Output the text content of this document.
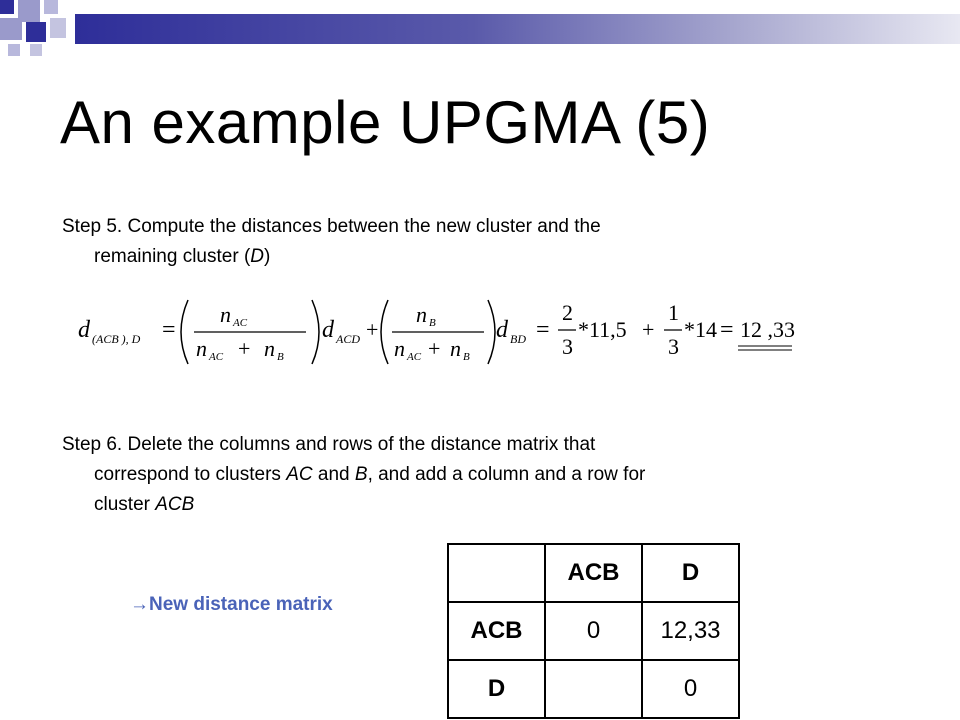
An example UPGMA (5)
Step 5. Compute the distances between the new cluster and the
remaining cluster (D)
d (ACB ), D =
n AC
n AC + n B
d ACD +
n B
n AC + n B
d BD =
2
3
*11,5 +
1
3
*14 = 12 ,33
Step 6. Delete the columns and rows of the distance matrix that
correspond to clusters AC and B, and add a column and a row for
cluster ACB
→New distance matrix
	ACB	D
ACB	0	12,33
D		0
